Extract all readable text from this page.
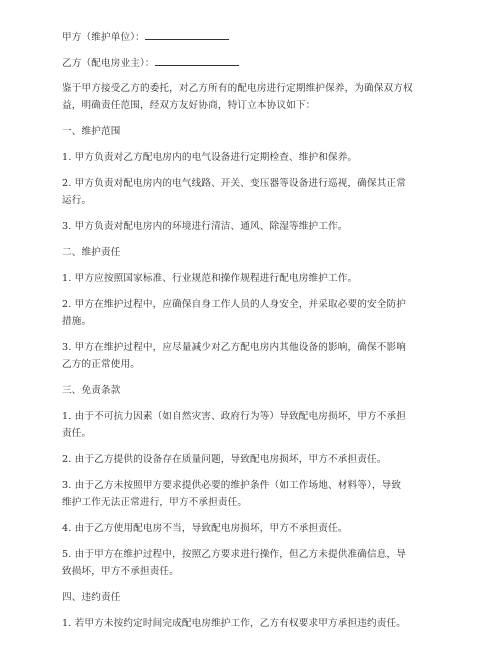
甲方（维护单位）：
乙方（配电房业主）：
鉴于甲方接受乙方的委托，对乙方所有的配电房进行定期维护保养，为确保双方权
益，明确责任范围，经双方友好协商，特订立本协议如下：
一、维护范围
1. 甲方负责对乙方配电房内的电气设备进行定期检查、维护和保养。
2. 甲方负责对配电房内的电气线路、开关、变压器等设备进行巡视，确保其正常
运行。
3. 甲方负责对配电房内的环境进行清洁、通风、除湿等维护工作。
二、维护责任
1. 甲方应按照国家标准、行业规范和操作规程进行配电房维护工作。
2. 甲方在维护过程中，应确保自身工作人员的人身安全，并采取必要的安全防护
措施。
3. 甲方在维护过程中，应尽量减少对乙方配电房内其他设备的影响，确保不影响
乙方的正常使用。
三、免责条款
1. 由于不可抗力因素（如自然灾害、政府行为等）导致配电房损坏，甲方不承担
责任。
2. 由于乙方提供的设备存在质量问题，导致配电房损坏，甲方不承担责任。
3. 由于乙方未按照甲方要求提供必要的维护条件（如工作场地、材料等），导致
维护工作无法正常进行，甲方不承担责任。
4. 由于乙方使用配电房不当，导致配电房损坏，甲方不承担责任。
5. 由于甲方在维护过程中，按照乙方要求进行操作，但乙方未提供准确信息，导
致损坏，甲方不承担责任。
四、违约责任
1. 若甲方未按约定时间完成配电房维护工作，乙方有权要求甲方承担违约责任。
